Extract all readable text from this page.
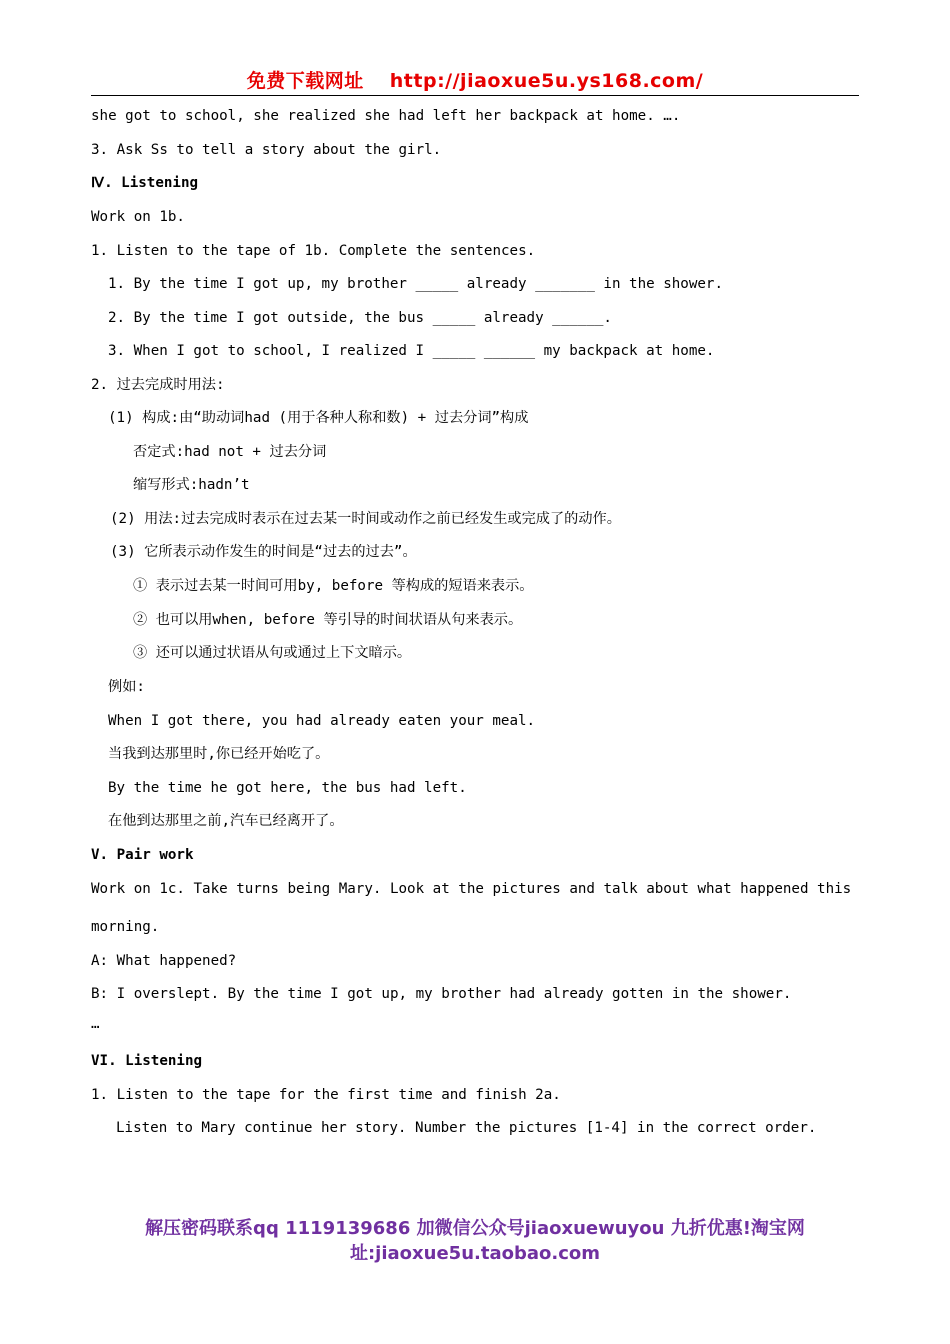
免费下载网址 http://jiaoxue5u.ys168.com/
she got to school, she realized she had left her backpack at home. ….
3. Ask Ss to tell a story about the girl.
Ⅳ. Listening
Work on 1b.
1. Listen to the tape of 1b. Complete the sentences.
1. By the time I got up, my brother _____ already _______ in the shower.
2. By the time I got outside, the bus _____ already ______.
3. When I got to school, I realized I _____ ______ my backpack at home.
2. 过去完成时用法:
(1) 构成:由“助动词had (用于各种人称和数) + 过去分词”构成
否定式:had not + 过去分词
缩写形式:hadn’t
(2) 用法:过去完成时表示在过去某一时间或动作之前已经发生或完成了的动作。
(3) 它所表示动作发生的时间是“过去的过去”。
① 表示过去某一时间可用by, before 等构成的短语来表示。
② 也可以用when, before 等引导的时间状语从句来表示。
③ 还可以通过状语从句或通过上下文暗示。
例如:
When I got there, you had already eaten your meal.
当我到达那里时,你已经开始吃了。
By the time he got here, the bus had left.
在他到达那里之前,汽车已经离开了。
V. Pair work
Work on 1c. Take turns being Mary. Look at the pictures and talk about what happened this
morning.
A: What happened?
B: I overslept. By the time I got up, my brother had already gotten in the shower.
…
VI. Listening
1. Listen to the tape for the first time and finish 2a.
Listen to Mary continue her story. Number the pictures [1-4] in the correct order.
解压密码联系qq 1119139686 加微信公众号jiaoxuewuyou 九折优惠!淘宝网
址:jiaoxue5u.taobao.com
